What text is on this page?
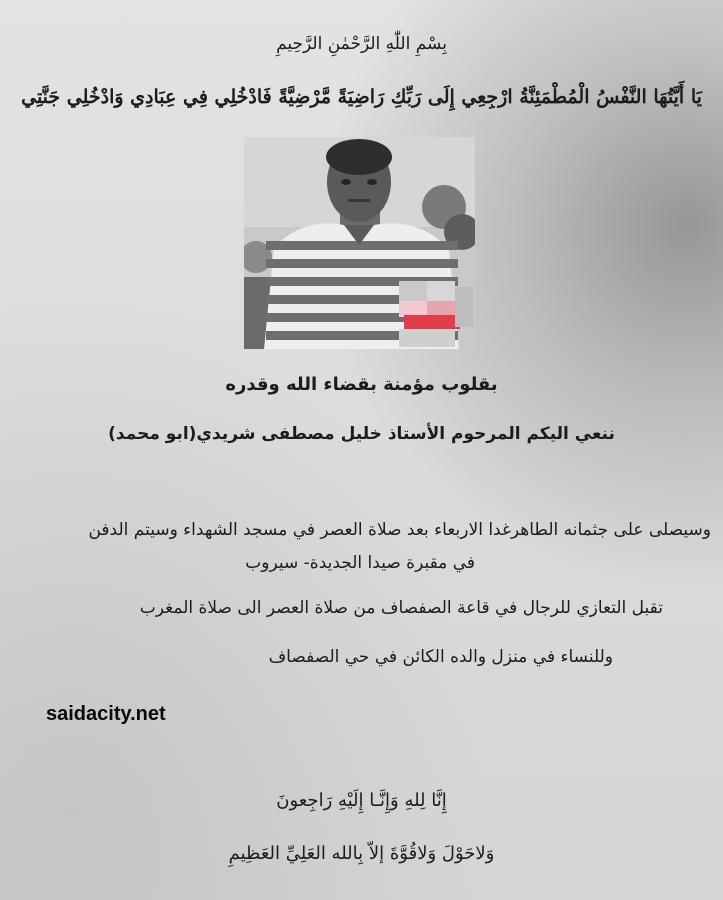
بِسْمِ اللّٰهِ الرَّحْمٰنِ الرَّحِيمِ
يَا أَيَّتُهَا النَّفْسُ الْمُطْمَئِنَّةُ ارْجِعِي إِلَى رَبِّكِ رَاضِيَةً مَّرْضِيَّةً فَادْخُلِي فِي عِبَادِي وَادْخُلِي جَنَّتِي
بقلوب مؤمنة بقضاء الله وقدره
ننعي اليكم المرحوم الأستاذ خليل مصطفى شريدي(ابو محمد)
وسيصلى على جثمانه الطاهرغدا الاربعاء بعد صلاة العصر في مسجد الشهداء وسيتم الدفن
في مقبرة صيدا الجديدة- سيروب
تقبل التعازي للرجال في قاعة الصفصاف من صلاة العصر الى صلاة المغرب
وللنساء في منزل والده الكائن في حي الصفصاف
saidacity.net
إِنَّا لِلهِ وَإِنَّـا إِلَيْهِ رَاجِعونَ
وَلاحَوْلَ وَلاقُوَّةَ إلاّ بِالله العَلِيِّ العَظِيمِ
